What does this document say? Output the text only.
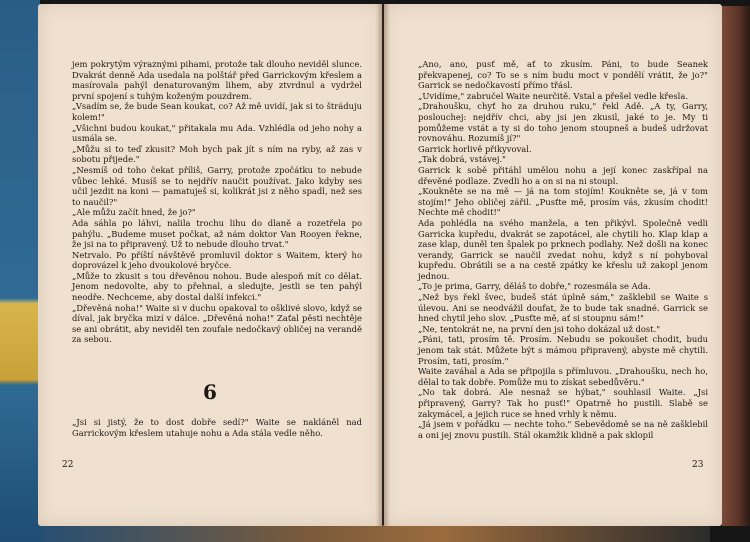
jem pokrytým výraznými pihami, protože tak dlouho neviděl slunce. Dvakrát denně Ada usedala na polštář před Garrickovým křeslem a masírovala pahýl denaturovaným lihem, aby ztvrdnul a vydržel první spojení s tuhým koženým pouzdrem.

„Vsadím se, že bude Sean koukat, co? Až mě uvidí, jak si to štráduju kolem!"

„Všichni budou koukat," přitakala mu Ada. Vzhlédla od jeho nohy a usmála se.

„Můžu si to teď zkusit? Moh bych pak jít s ním na ryby, až zas v sobotu přijede."

„Nesmíš od toho čekat příliš, Garry, protože zpočátku to nebude vůbec lehké. Musíš se to nejdřív naučit používat. Jako kdyby ses učil jezdit na koni — pamatuješ si, kolikrát jsi z něho spadl, než ses to naučil?"

„Ale můžu začít hned, že jo?"

Ada sáhla po láhvi, nalila trochu lihu do dlaně a rozetřela po pahýlu. „Budeme muset počkat, až nám doktor Van Rooyen řekne, že jsi na to připravený. Už to nebude dlouho trvat."

Netrvalo. Po příští návštěvě promluvil doktor s Waitem, který ho doprovázel k jeho dvoukolové bryčce.

„Může to zkusit s tou dřevěnou nohou. Bude alespoň mít co dělat. Jenom nedovolte, aby to přehnal, a sledujte, jestli se ten pahýl neodře. Nechceme, aby dostal další infekci."

„Dřevěná noha!" Waite si v duchu opakoval to ošklivé slovo, když se díval, jak bryčka mizí v dálce. „Dřevěná noha!" Zaťal pěsti nechtěje se ani obrátit, aby neviděl ten zoufale nedočkavý obličej na verandě za sebou.

6

„Jsi si jistý, že to dost dobře sedí?" Waite se nakláněl nad Garrickovým křeslem utahuje nohu a Ada stála vedle něho.

22

„Ano, ano, pusť mě, ať to zkusím. Páni, to bude Seanek překvapenej, co? To se s ním budu moct v pondělí vrátit, že jo?" Garrick se nedočkavostí přímo třásl.

„Uvidíme," zabručel Waite neurčitě. Vstal a přešel vedle křesla.

„Drahoušku, chyť ho za druhou ruku," řekl Adě. „A ty, Garry, poslouchej: nejdřív chci, aby jsi jen zkusil, jaké to je. My ti pomůžeme vstát a ty si do toho jenom stoupneš a budeš udržovat rovnováhu. Rozumíš jí?"

Garrick horlivě přikyvoval.

„Tak dobrá, vstávej."

Garrick k sobě přitáhl umělou nohu a její konec zaskřípal na dřevěné podlaze. Zvedli ho a on si na ni stoupl.

„Koukněte se na mě — já na tom stojím! Koukněte se, já v tom stojím!" Jeho obličej zářil. „Pusťte mě, prosím vás, zkusím chodit! Nechte mě chodit!"

Ada pohlédla na svého manžela, a ten přikývl. Společně vedli Garricka kupředu, dvakrát se zapotácel, ale chytili ho. Klap klap a zase klap, duněl ten špalek po prknech podlahy. Než došli na konec verandy, Garrick se naučil zvedat nohu, když s ní pohyboval kupředu. Obrátili se a na cestě zpátky ke křeslu už zakopl jenom jednou.

„To je prima, Garry, děláš to dobře," rozesmála se Ada.

„Než bys řekl švec, budeš stát úplně sám," zašklebil se Waite s úlevou. Ani se neodvážil doufat, že to bude tak snadné. Garrick se hned chytil jeho slov. „Pusťte mě, ať si stoupnu sám!"

„Ne, tentokrát ne, na první den jsi toho dokázal už dost."

„Páni, tati, prosím tě. Prosím. Nebudu se pokoušet chodit, budu jenom tak stát. Můžete být s mámou připravený, abyste mě chytili. Prosím, tati, prosím."

Waite zaváhal a Ada se připojila s přímluvou. „Drahoušku, nech ho, dělal to tak dobře. Pomůže mu to získat sebedůvěru."

„No tak dobrá. Ale nesnaž se hýbat," souhlasil Waite. „Jsi připravený, Garry? Tak ho pusť!" Opatrně ho pustili. Slabě se zakymácel, a jejich ruce se hned vrhly k němu.

„Já jsem v pořádku — nechte toho." Sebevědomě se na ně zašklebil a oni jej znovu pustili. Stál okamžik klidně a pak sklopil

23
